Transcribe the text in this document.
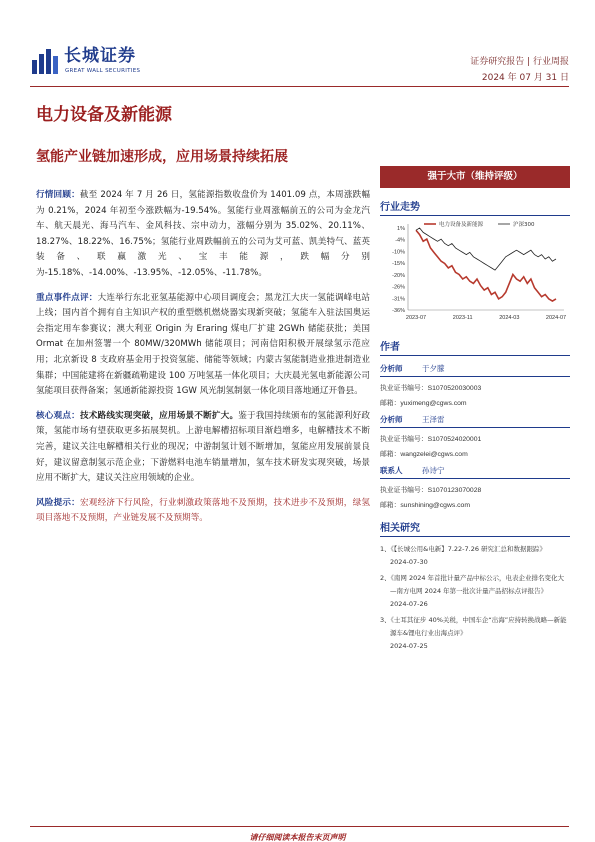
长城证券
GREAT WALL SECURITIES
证券研究报告 | 行业周报
2024 年 07 月 31 日
电力设备及新能源
氢能产业链加速形成，应用场景持续拓展

行情回顾：截至 2024 年 7 月 26 日，氢能源指数收盘价为 1401.09 点，本周涨跌幅为 0.21%，2024 年初至今涨跌幅为-19.54%。氢能行业周涨幅前五的公司为金龙汽车、航天晨光、海马汽车、金风科技、宗申动力，涨幅分别为 35.02%、20.11%、18.27%、18.22%、16.75%；氢能行业周跌幅前五的公司为艾可蓝、凯美特气、蓝英装备、联赢激光、宝丰能源，跌幅分别为-15.18%、-14.00%、-13.95%、-12.05%、-11.78%。

重点事件点评：大连举行东北亚氢基能源中心项目调度会；黑龙江大庆一氢能调峰电站上线；国内首个拥有自主知识产权的重型燃机燃烧器实现新突破；氢能车入驻法国奥运会指定用车参赛议；澳大利亚 Origin 为 Eraring 煤电厂扩建 2GWh 储能获批；美国 Ormat 在加州签署一个 80MW/320MWh 储能项目；河南信阳积极开展绿氢示范应用；北京新设 8 支政府基金用于投资氢能、储能等领域；内蒙古氢能制造业推进制造业集群；中国能建将在新疆疏勒建设 100 万吨氢基一体化项目；大庆晨光氢电新能源公司氢能项目获得备案；氢通新能源投资 1GW 风光制氢制氨一体化项目落地通辽开鲁县。

核心观点：技术路线实现突破，应用场景不断扩大。鉴于我国持续颁布的氢能源利好政策，氢能市场有望获取更多拓展契机。上游电解槽招标项目渐趋增多，电解槽技术不断完善，建议关注电解槽相关行业的现况；中游制氢计划不断增加，氢能应用发展前景良好，建议留意制氢示范企业；下游燃料电池车销量增加，氢车技术研发实现突破，场景应用不断扩大，建议关注应用领域的企业。

风险提示：宏观经济下行风险，行业刺激政策落地不及预期，技术进步不及预期，绿氢项目落地不及预期，产业链发展不及预期等。

强于大市（维持评级）
行业走势
1%
-4%
-10%
-15%
-20%
-26%
-31%
-36%
2023-07	2023-11	2024-03	2024-07
电力设备及新能源	沪深300
作者
分析师	于夕朦
执业证书编号：S1070520030003
邮箱：yuximeng@cgws.com
分析师	王泽雷
执业证书编号：S1070524020001
邮箱：wangzelei@cgws.com
联系人	孙诗宁
执业证书编号：S1070123070028
邮箱：sunshining@cgws.com
相关研究
1、《【长城公用&电新】7.22-7.26 研究汇总和数据跟踪》
2024-07-30
2、《南网 2024 年首批计量产品中标公示，电表企业排名变化大—南方电网 2024 年第一批次计量产品招标点评报告》
2024-07-26
3、《士耳其征步 40%关税，中国车企“出海”应持转换战略—新能源车&锂电行业出海点评》
2024-07-25
请仔细阅读本报告末页声明
